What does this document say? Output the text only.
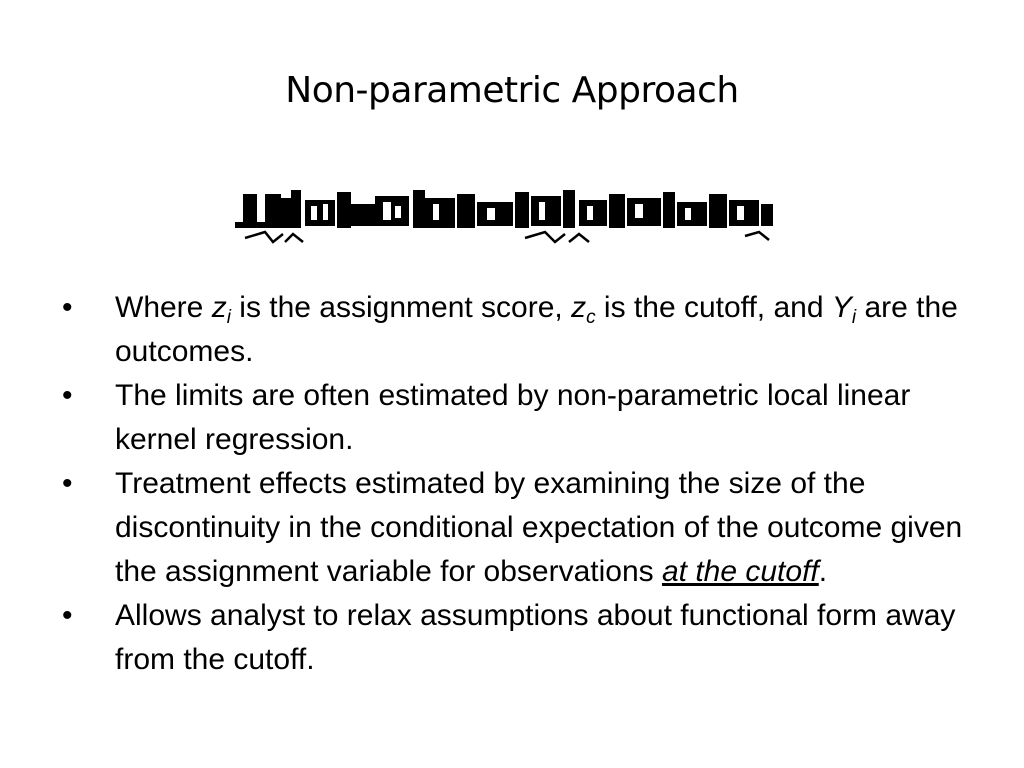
Non-parametric Approach
•	Where $z_i$ is the assignment score, $z_c$ is the cutoff, and $Y_i$ are the outcomes.
•	The limits are often estimated by non-parametric local linear kernel regression.
•	Treatment effects estimated by examining the size of the discontinuity in the conditional expectation of the outcome given the assignment variable for observations at the cutoff.
•	Allows analyst to relax assumptions about functional form away from the cutoff.
